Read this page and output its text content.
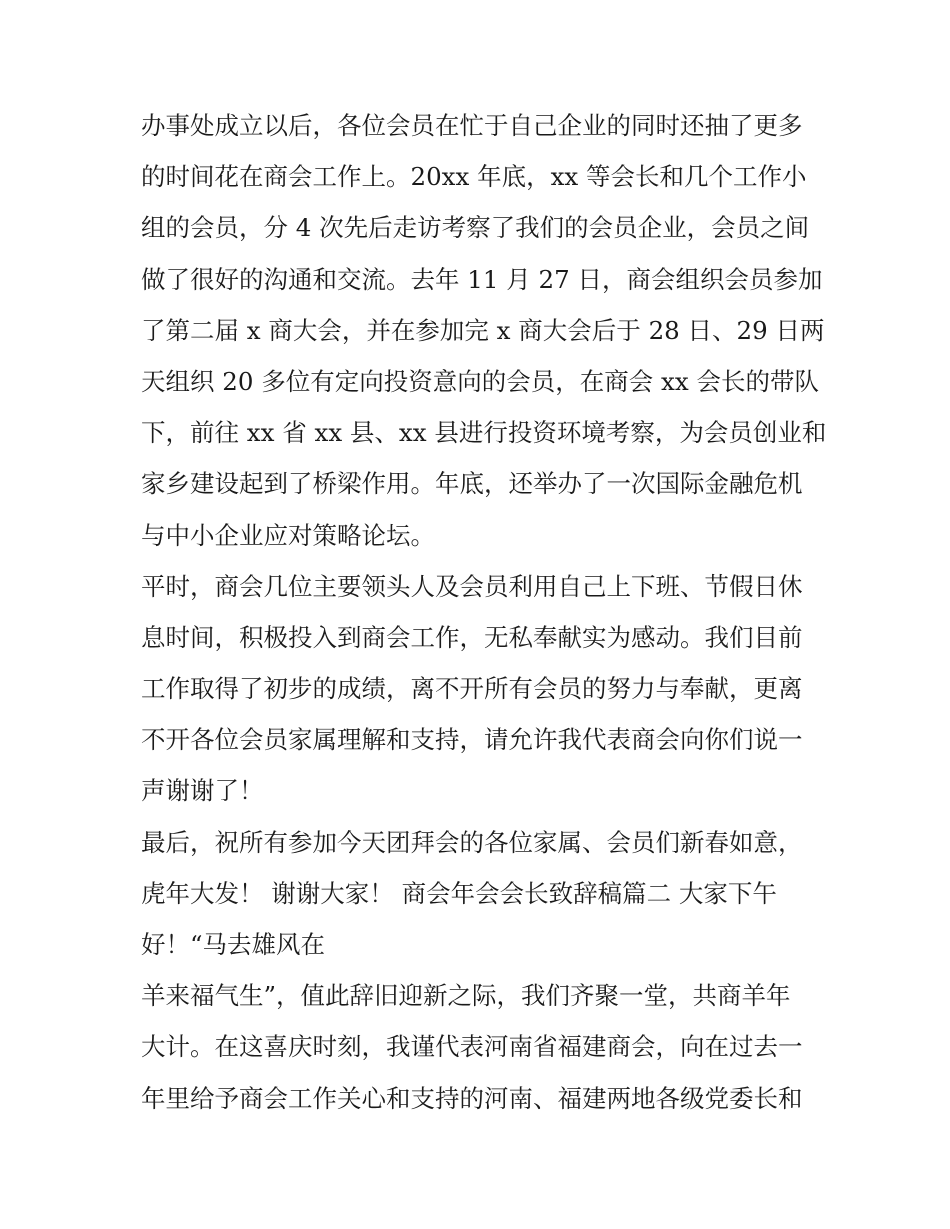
办事处成立以后，各位会员在忙于自己企业的同时还抽了更多
的时间花在商会工作上。20xx 年底，xx 等会长和几个工作小
组的会员，分 4 次先后走访考察了我们的会员企业，会员之间
做了很好的沟通和交流。去年 11 月 27 日，商会组织会员参加
了第二届 x 商大会，并在参加完 x 商大会后于 28 日、29 日两
天组织 20 多位有定向投资意向的会员，在商会 xx 会长的带队
下，前往 xx 省 xx 县、xx 县进行投资环境考察，为会员创业和
家乡建设起到了桥梁作用。年底，还举办了一次国际金融危机
与中小企业应对策略论坛。
平时，商会几位主要领头人及会员利用自己上下班、节假日休
息时间，积极投入到商会工作，无私奉献实为感动。我们目前
工作取得了初步的成绩，离不开所有会员的努力与奉献，更离
不开各位会员家属理解和支持，请允许我代表商会向你们说一
声谢谢了！
最后，祝所有参加今天团拜会的各位家属、会员们新春如意，
虎年大发！ 谢谢大家！ 商会年会会长致辞稿篇二 大家下午
好！“马去雄风在
羊来福气生”，值此辞旧迎新之际，我们齐聚一堂，共商羊年
大计。在这喜庆时刻，我谨代表河南省福建商会，向在过去一
年里给予商会工作关心和支持的河南、福建两地各级党委长和
